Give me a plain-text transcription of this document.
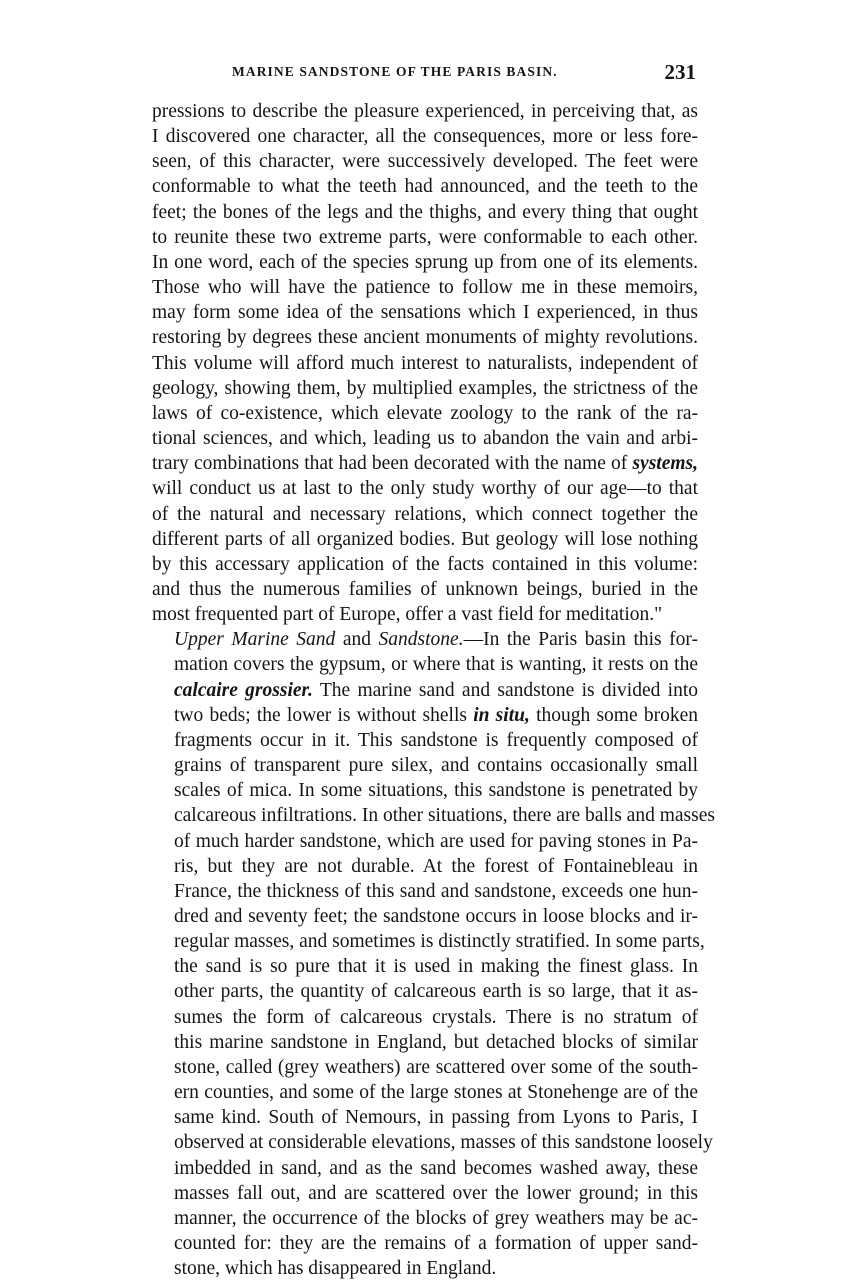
MARINE SANDSTONE OF THE PARIS BASIN.	231

pressions to describe the pleasure experienced, in perceiving that, as
I discovered one character, all the consequences, more or less fore-
seen, of this character, were successively developed. The feet were
conformable to what the teeth had announced, and the teeth to the
feet; the bones of the legs and the thighs, and every thing that ought
to reunite these two extreme parts, were conformable to each other.
In one word, each of the species sprung up from one of its elements.
Those who will have the patience to follow me in these memoirs,
may form some idea of the sensations which I experienced, in thus
restoring by degrees these ancient monuments of mighty revolutions.
This volume will afford much interest to naturalists, independent of
geology, showing them, by multiplied examples, the strictness of the
laws of co-existence, which elevate zoology to the rank of the ra-
tional sciences, and which, leading us to abandon the vain and arbi-
trary combinations that had been decorated with the name of systems,
will conduct us at last to the only study worthy of our age—to that
of the natural and necessary relations, which connect together the
different parts of all organized bodies. But geology will lose nothing
by this accessary application of the facts contained in this volume:
and thus the numerous families of unknown beings, buried in the
most frequented part of Europe, offer a vast field for meditation."

Upper Marine Sand and Sandstone.—In the Paris basin this for-
mation covers the gypsum, or where that is wanting, it rests on the
calcaire grossier. The marine sand and sandstone is divided into
two beds; the lower is without shells in situ, though some broken
fragments occur in it. This sandstone is frequently composed of
grains of transparent pure silex, and contains occasionally small
scales of mica. In some situations, this sandstone is penetrated by
calcareous infiltrations. In other situations, there are balls and masses
of much harder sandstone, which are used for paving stones in Pa-
ris, but they are not durable. At the forest of Fontainebleau in
France, the thickness of this sand and sandstone, exceeds one hun-
dred and seventy feet; the sandstone occurs in loose blocks and ir-
regular masses, and sometimes is distinctly stratified. In some parts,
the sand is so pure that it is used in making the finest glass. In
other parts, the quantity of calcareous earth is so large, that it as-
sumes the form of calcareous crystals. There is no stratum of
this marine sandstone in England, but detached blocks of similar
stone, called (grey weathers) are scattered over some of the south-
ern counties, and some of the large stones at Stonehenge are of the
same kind. South of Nemours, in passing from Lyons to Paris, I
observed at considerable elevations, masses of this sandstone loosely
imbedded in sand, and as the sand becomes washed away, these
masses fall out, and are scattered over the lower ground; in this
manner, the occurrence of the blocks of grey weathers may be ac-
counted for: they are the remains of a formation of upper sand-
stone, which has disappeared in England.
